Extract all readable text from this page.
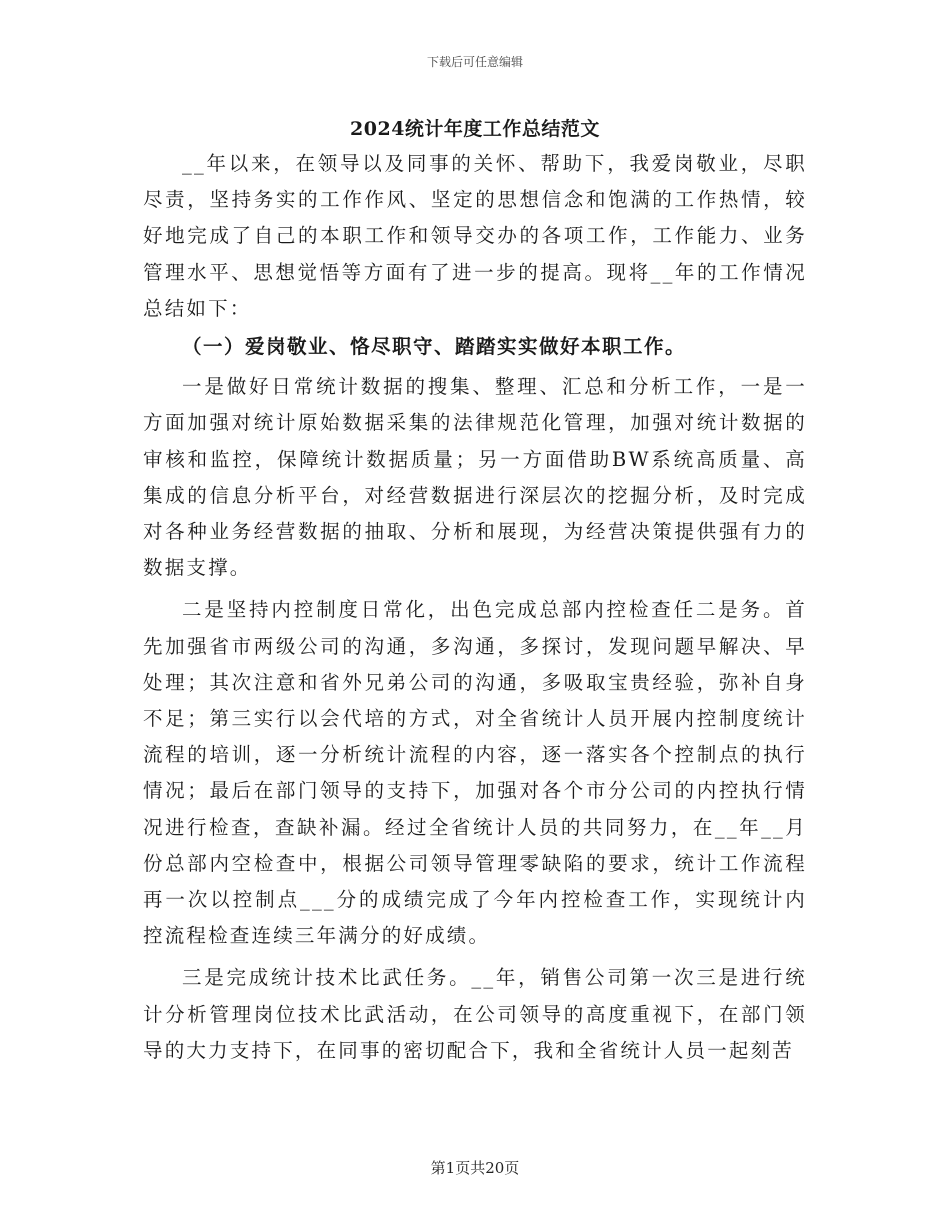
下载后可任意编辑
2024统计年度工作总结范文

__年以来，在领导以及同事的关怀、帮助下，我爱岗敬业，尽职尽责，坚持务实的工作作风、坚定的思想信念和饱满的工作热情，较好地完成了自己的本职工作和领导交办的各项工作，工作能力、业务管理水平、思想觉悟等方面有了进一步的提高。现将__年的工作情况总结如下：

（一）爱岗敬业、恪尽职守、踏踏实实做好本职工作。

一是做好日常统计数据的搜集、整理、汇总和分析工作，一是一方面加强对统计原始数据采集的法律规范化管理，加强对统计数据的审核和监控，保障统计数据质量；另一方面借助BW系统高质量、高集成的信息分析平台，对经营数据进行深层次的挖掘分析，及时完成对各种业务经营数据的抽取、分析和展现，为经营决策提供强有力的数据支撑。

二是坚持内控制度日常化，出色完成总部内控检查任二是务。首先加强省市两级公司的沟通，多沟通，多探讨，发现问题早解决、早处理；其次注意和省外兄弟公司的沟通，多吸取宝贵经验，弥补自身不足；第三实行以会代培的方式，对全省统计人员开展内控制度统计流程的培训，逐一分析统计流程的内容，逐一落实各个控制点的执行情况；最后在部门领导的支持下，加强对各个市分公司的内控执行情况进行检查，查缺补漏。经过全省统计人员的共同努力，在__年__月份总部内空检查中，根据公司领导管理零缺陷的要求，统计工作流程再一次以控制点___分的成绩完成了今年内控检查工作，实现统计内控流程检查连续三年满分的好成绩。

三是完成统计技术比武任务。__年，销售公司第一次三是进行统计分析管理岗位技术比武活动，在公司领导的高度重视下，在部门领导的大力支持下，在同事的密切配合下，我和全省统计人员一起刻苦

第1页共20页
